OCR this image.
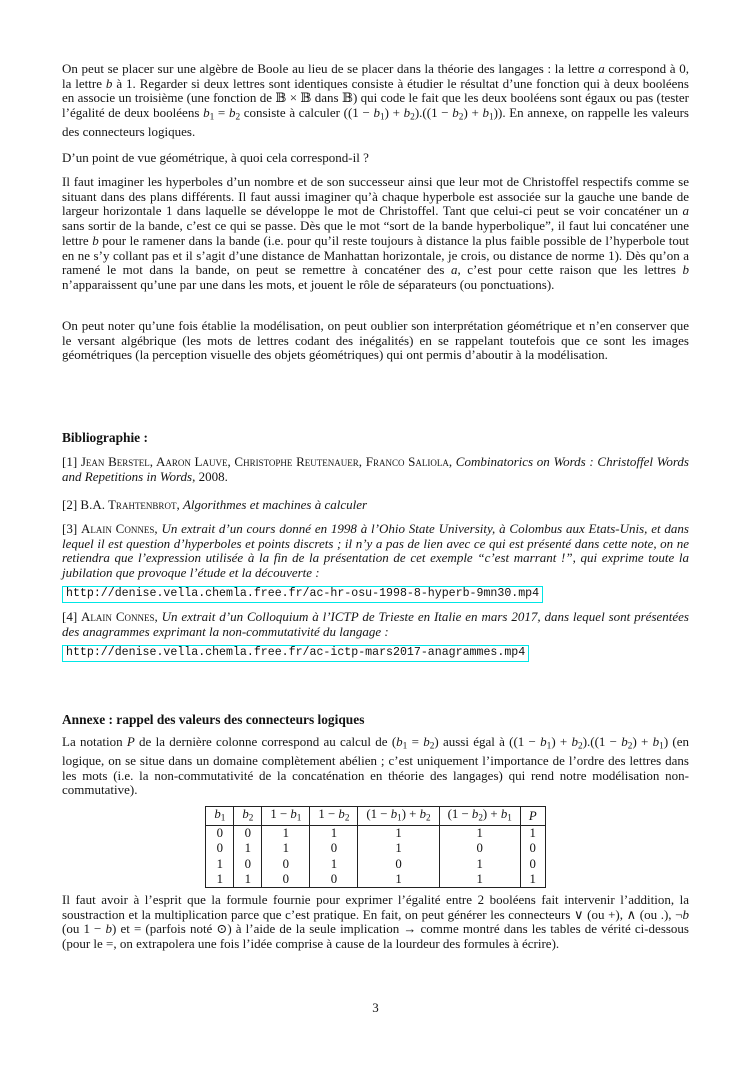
On peut se placer sur une algèbre de Boole au lieu de se placer dans la théorie des langages : la lettre a correspond à 0, la lettre b à 1. Regarder si deux lettres sont identiques consiste à étudier le résultat d’une fonction qui à deux booléens en associe un troisième (une fonction de 𝔹 × 𝔹 dans 𝔹) qui code le fait que les deux booléens sont égaux ou pas (tester l’égalité de deux booléens b1 = b2 consiste à calculer ((1 − b1) + b2).((1 − b2) + b1)). En annexe, on rappelle les valeurs des connecteurs logiques.

D’un point de vue géométrique, à quoi cela correspond-il ?

Il faut imaginer les hyperboles d’un nombre et de son successeur ainsi que leur mot de Christoffel respectifs comme se situant dans des plans différents. Il faut aussi imaginer qu’à chaque hyperbole est associée sur la gauche une bande de largeur horizontale 1 dans laquelle se développe le mot de Christoffel. Tant que celui-ci peut se voir concaténer un a sans sortir de la bande, c’est ce qui se passe. Dès que le mot “sort de la bande hyperbolique”, il faut lui concaténer une lettre b pour le ramener dans la bande (i.e. pour qu’il reste toujours à distance la plus faible possible de l’hyperbole tout en ne s’y collant pas et il s’agit d’une distance de Manhattan horizontale, je crois, ou distance de norme 1). Dès qu’on a ramené le mot dans la bande, on peut se remettre à concaténer des a, c’est pour cette raison que les lettres b n’apparaissent qu’une par une dans les mots, et jouent le rôle de séparateurs (ou ponctuations).

On peut noter qu’une fois établie la modélisation, on peut oublier son interprétation géométrique et n’en conserver que le versant algébrique (les mots de lettres codant des inégalités) en se rappelant toutefois que ce sont les images géométriques (la perception visuelle des objets géométriques) qui ont permis d’aboutir à la modélisation.

Bibliographie :

[1] Jean Berstel, Aaron Lauve, Christophe Reutenauer, Franco Saliola, Combinatorics on Words : Christoffel Words and Repetitions in Words, 2008.

[2] B.A. Trahtenbrot, Algorithmes et machines à calculer

[3] Alain Connes, Un extrait d’un cours donné en 1998 à l’Ohio State University, à Colombus aux Etats-Unis, et dans lequel il est question d’hyperboles et points discrets ; il n’y a pas de lien avec ce qui est présenté dans cette note, on ne retiendra que l’expression utilisée à la fin de la présentation de cet exemple “c’est marrant !”, qui exprime toute la jubilation que provoque l’étude et la découverte :

http://denise.vella.chemla.free.fr/ac-hr-osu-1998-8-hyperb-9mn30.mp4

[4] Alain Connes, Un extrait d’un Colloquium à l’ICTP de Trieste en Italie en mars 2017, dans lequel sont présentées des anagrammes exprimant la non-commutativité du langage :

http://denise.vella.chemla.free.fr/ac-ictp-mars2017-anagrammes.mp4
Annexe : rappel des valeurs des connecteurs logiques

La notation P de la dernière colonne correspond au calcul de (b1 = b2) aussi égal à ((1 − b1) + b2).((1 − b2) + b1) (en logique, on se situe dans un domaine complètement abélien ; c’est uniquement l’importance de l’ordre des lettres dans les mots (i.e. la non-commutativité de la concaténation en théorie des langages) qui rend notre modélisation non-commutative).

b1	b2	1 − b1	1 − b2	(1 − b1) + b2	(1 − b2) + b1	P
0	0	1	1	1	1	1
0	1	1	0	1	0	0
1	0	0	1	0	1	0
1	1	0	0	1	1	1

Il faut avoir à l’esprit que la formule fournie pour exprimer l’égalité entre 2 booléens fait intervenir l’addition, la soustraction et la multiplication parce que c’est pratique. En fait, on peut générer les connecteurs ∨ (ou +), ∧ (ou .), ¬b (ou 1 − b) et = (parfois noté ⊙) à l’aide de la seule implication → comme montré dans les tables de vérité ci-dessous (pour le =, on extrapolera une fois l’idée comprise à cause de la lourdeur des formules à écrire).

3
